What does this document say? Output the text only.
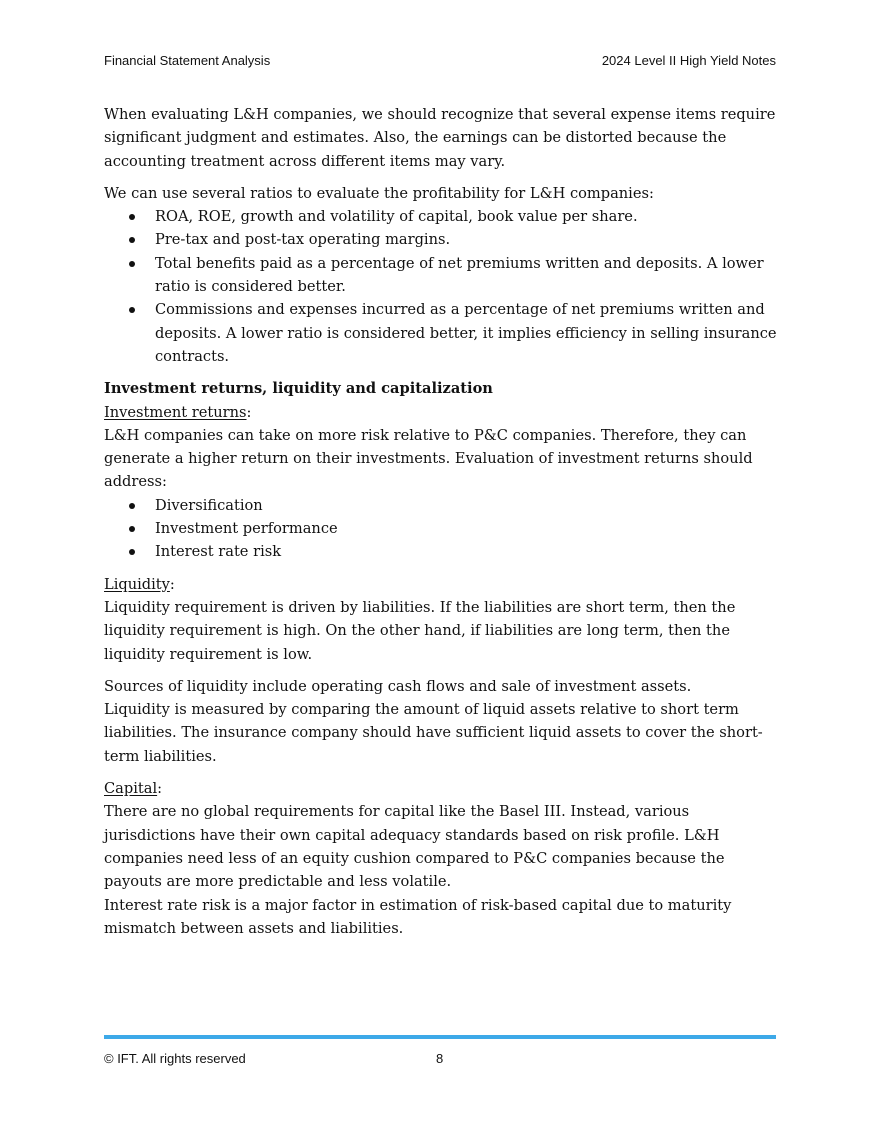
Financial Statement Analysis	2024 Level II High Yield Notes

When evaluating L&H companies, we should recognize that several expense items require significant judgment and estimates. Also, the earnings can be distorted because the accounting treatment across different items may vary.

We can use several ratios to evaluate the profitability for L&H companies:

ROA, ROE, growth and volatility of capital, book value per share.
Pre-tax and post-tax operating margins.
Total benefits paid as a percentage of net premiums written and deposits. A lower ratio is considered better.
Commissions and expenses incurred as a percentage of net premiums written and deposits. A lower ratio is considered better, it implies efficiency in selling insurance contracts.
Investment returns, liquidity and capitalization
Investment returns:

L&H companies can take on more risk relative to P&C companies. Therefore, they can generate a higher return on their investments. Evaluation of investment returns should address:

Diversification
Investment performance
Interest rate risk
Liquidity:

Liquidity requirement is driven by liabilities. If the liabilities are short term, then the liquidity requirement is high. On the other hand, if liabilities are long term, then the liquidity requirement is low.

Sources of liquidity include operating cash flows and sale of investment assets.

Liquidity is measured by comparing the amount of liquid assets relative to short term liabilities. The insurance company should have sufficient liquid assets to cover the short-term liabilities.

Capital:

There are no global requirements for capital like the Basel III. Instead, various jurisdictions have their own capital adequacy standards based on risk profile. L&H companies need less of an equity cushion compared to P&C companies because the payouts are more predictable and less volatile.

Interest rate risk is a major factor in estimation of risk-based capital due to maturity mismatch between assets and liabilities.

© IFT. All rights reserved	8
